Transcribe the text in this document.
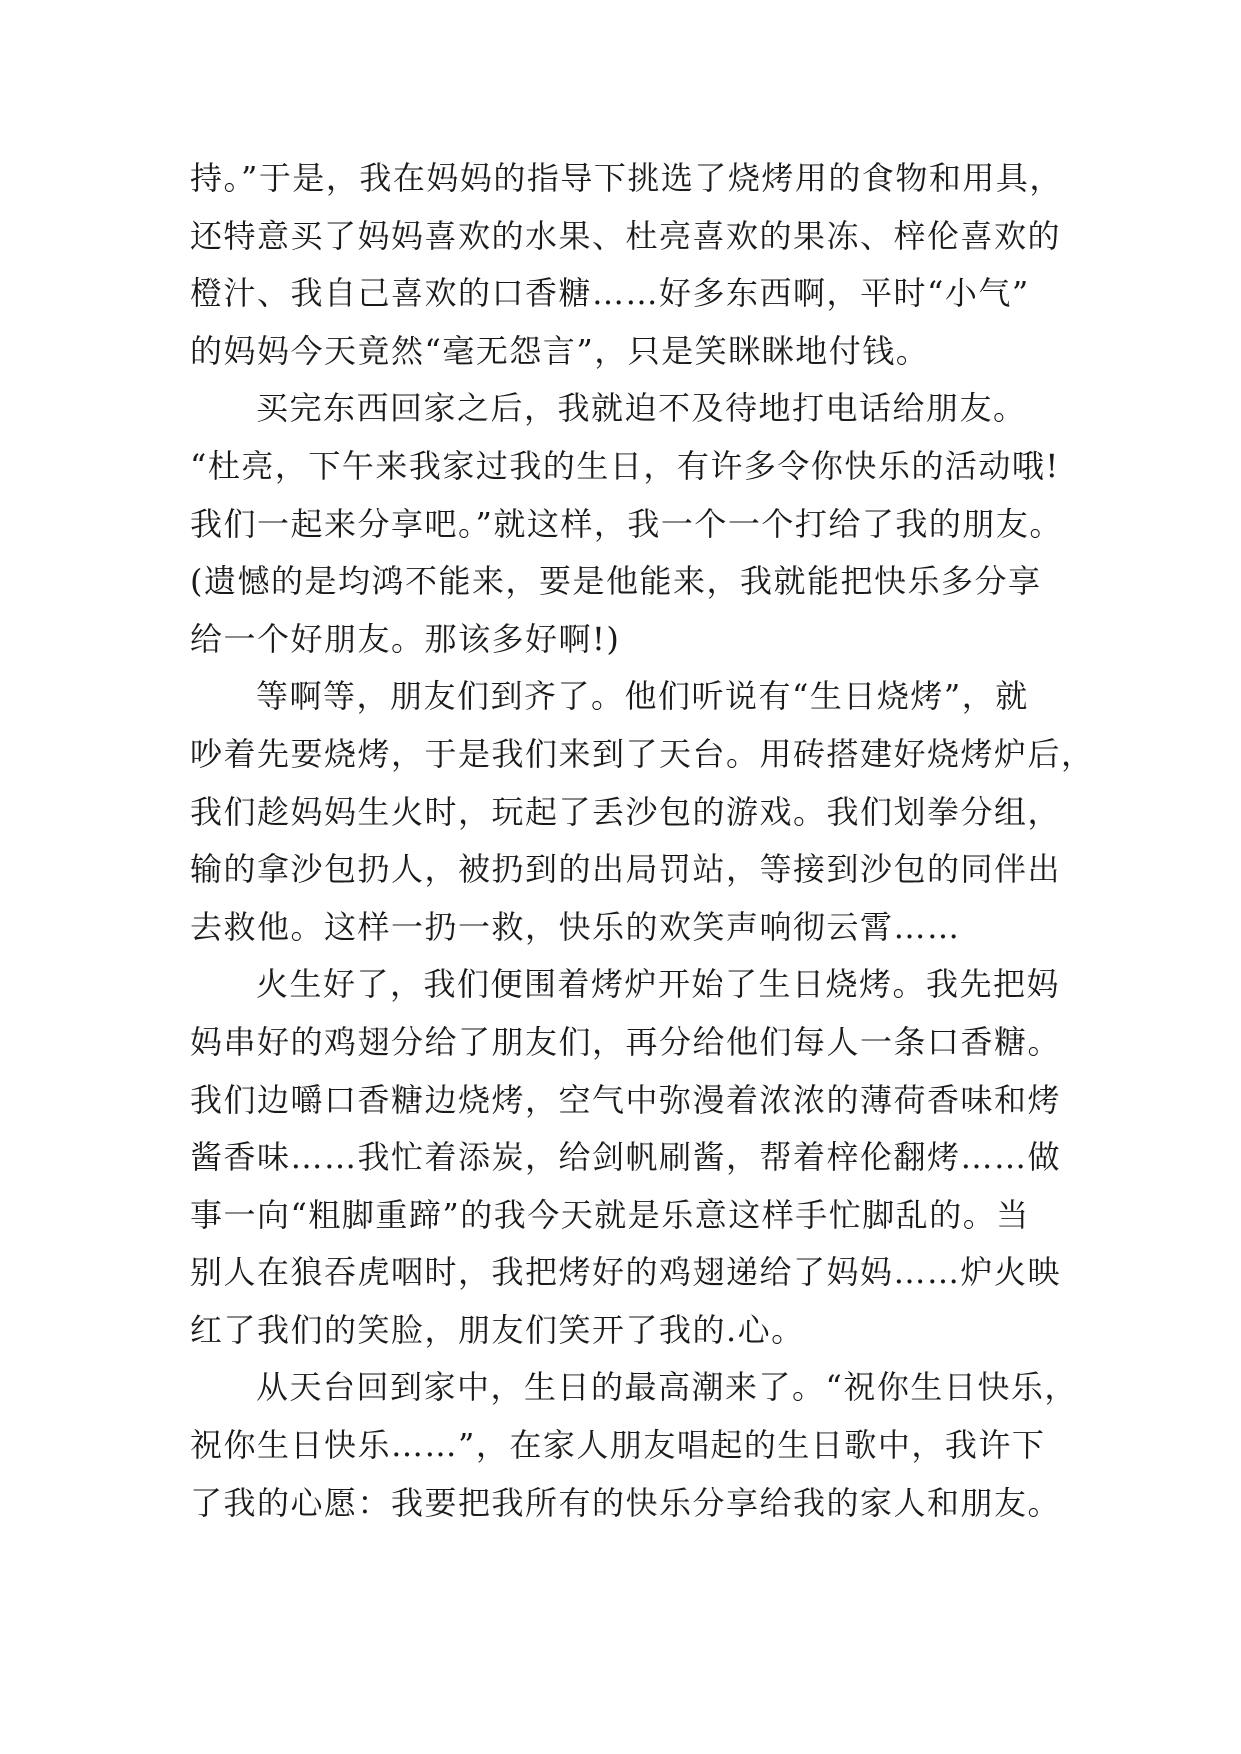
持。”于是，我在妈妈的指导下挑选了烧烤用的食物和用具，
还特意买了妈妈喜欢的水果、杜亮喜欢的果冻、梓伦喜欢的
橙汁、我自己喜欢的口香糖……好多东西啊，平时“小气”
的妈妈今天竟然“毫无怨言”，只是笑眯眯地付钱。
买完东西回家之后，我就迫不及待地打电话给朋友。
“杜亮，下午来我家过我的生日，有许多令你快乐的活动哦!
我们一起来分享吧。”就这样，我一个一个打给了我的朋友。
(遗憾的是均鸿不能来，要是他能来，我就能把快乐多分享
给一个好朋友。那该多好啊!)
等啊等，朋友们到齐了。他们听说有“生日烧烤”，就
吵着先要烧烤，于是我们来到了天台。用砖搭建好烧烤炉后，
我们趁妈妈生火时，玩起了丢沙包的游戏。我们划拳分组，
输的拿沙包扔人，被扔到的出局罚站，等接到沙包的同伴出
去救他。这样一扔一救，快乐的欢笑声响彻云霄……
火生好了，我们便围着烤炉开始了生日烧烤。我先把妈
妈串好的鸡翅分给了朋友们，再分给他们每人一条口香糖。
我们边嚼口香糖边烧烤，空气中弥漫着浓浓的薄荷香味和烤
酱香味……我忙着添炭，给剑帆刷酱，帮着梓伦翻烤……做
事一向“粗脚重蹄”的我今天就是乐意这样手忙脚乱的。当
别人在狼吞虎咽时，我把烤好的鸡翅递给了妈妈……炉火映
红了我们的笑脸，朋友们笑开了我的.心。
从天台回到家中，生日的最高潮来了。“祝你生日快乐，
祝你生日快乐……”，在家人朋友唱起的生日歌中，我许下
了我的心愿：我要把我所有的快乐分享给我的家人和朋友。
